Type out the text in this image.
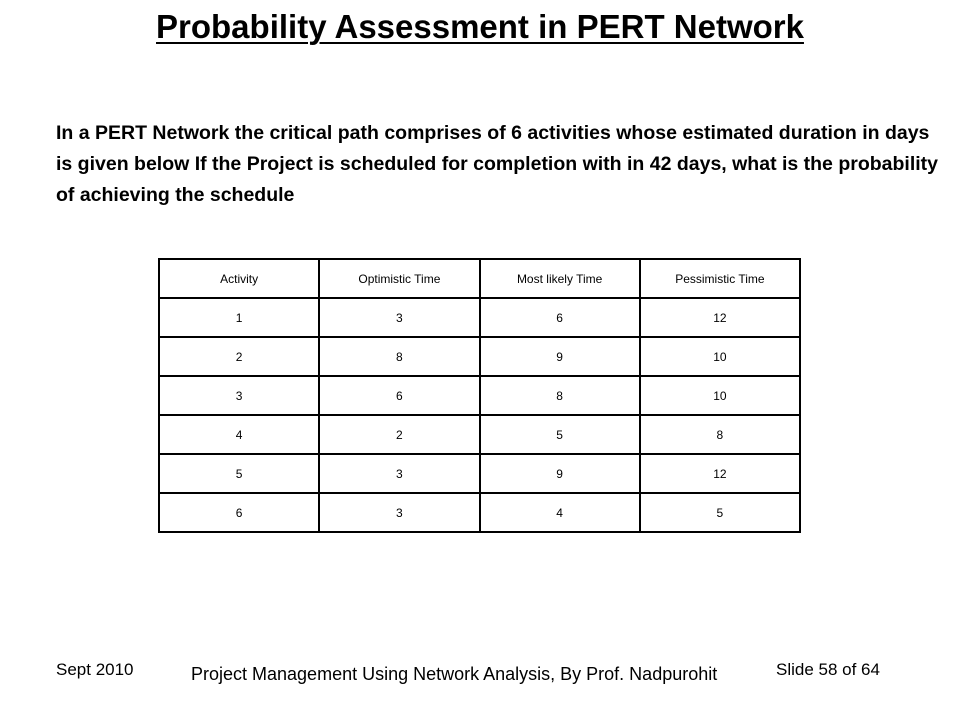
Probability Assessment in PERT Network
In a PERT Network the critical path comprises of 6 activities whose estimated duration in days is given below If the Project is scheduled for completion with in 42 days, what is the probability of achieving the schedule
Activity	Optimistic Time	Most likely Time	Pessimistic Time
1	3	6	12
2	8	9	10
3	6	8	10
4	2	5	8
5	3	9	12
6	3	4	5
Sept 2010	Project Management Using Network Analysis, By Prof. Nadpurohit	Slide 58 of 64
